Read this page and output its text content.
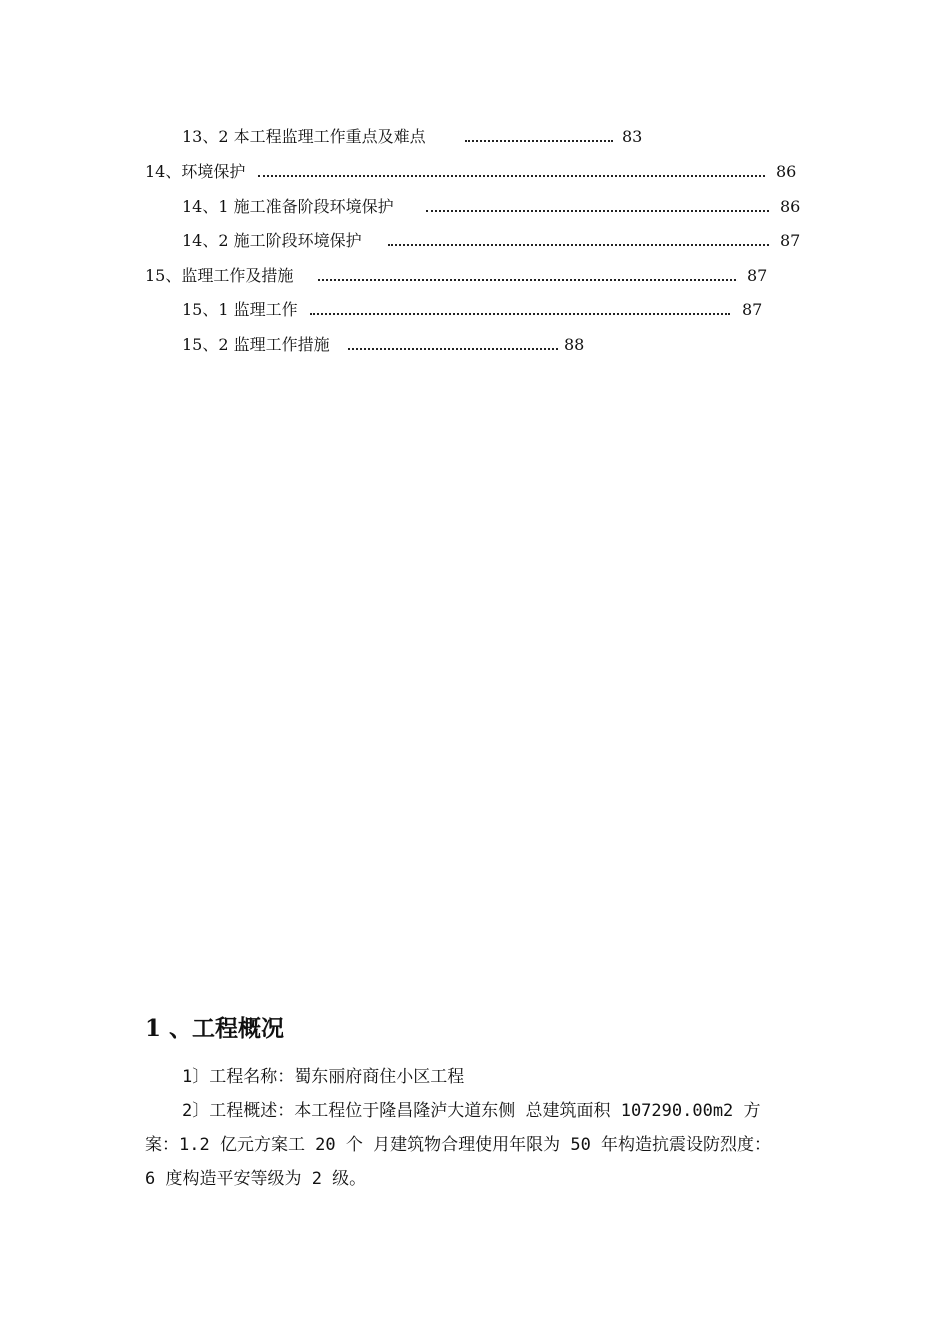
13、2 本工程监理工作重点及难点	83
14、环境保护	86
14、1 施工准备阶段环境保护	86
14、2 施工阶段环境保护	87
15、监理工作及措施	87
15、1 监理工作	87
15、2 监理工作措施	88
1 、工程概况
1〕工程名称：蜀东丽府商住小区工程
2〕工程概述：本工程位于隆昌隆泸大道东侧 总建筑面积 107290.00m2 方
案：1.2 亿元方案工 20 个 月建筑物合理使用年限为 50 年构造抗震设防烈度：
6 度构造平安等级为 2 级。
